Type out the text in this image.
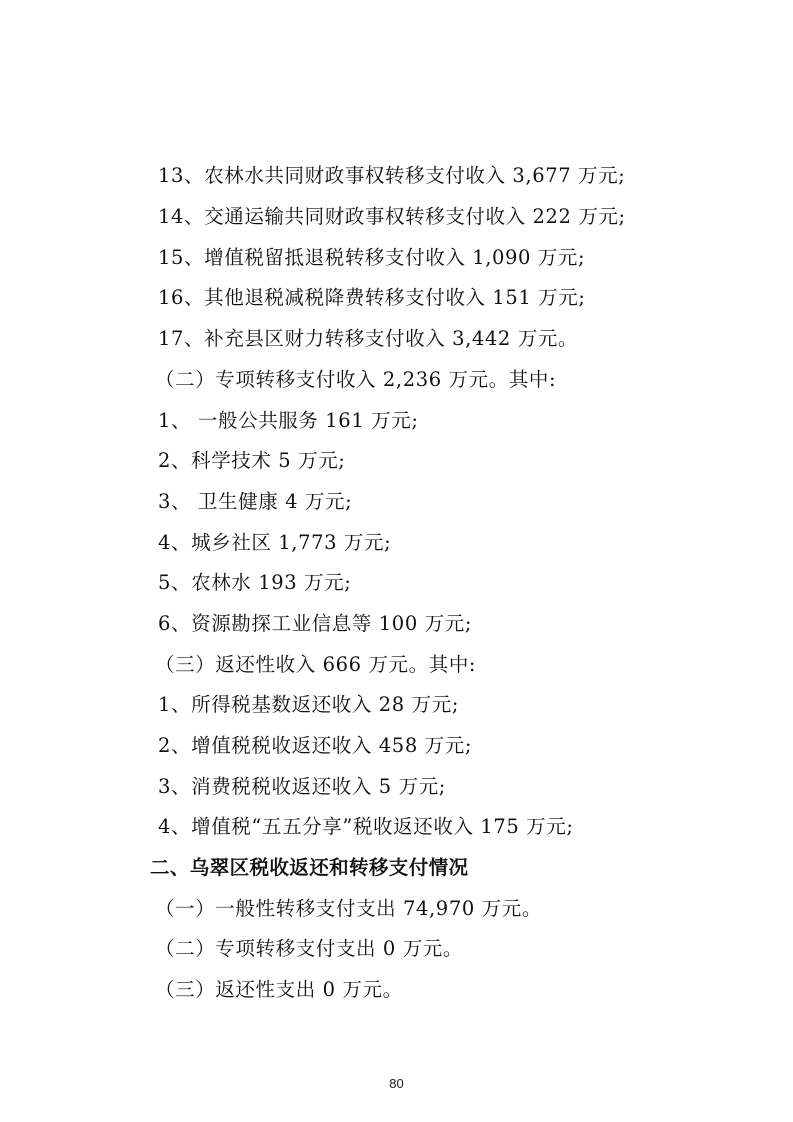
13、农林水共同财政事权转移支付收入 3,677 万元;
14、交通运输共同财政事权转移支付收入 222 万元;
15、增值税留抵退税转移支付收入 1,090 万元;
16、其他退税减税降费转移支付收入 151 万元;
17、补充县区财力转移支付收入 3,442 万元。
（二）专项转移支付收入 2,236 万元。其中:
1、 一般公共服务 161 万元;
2、科学技术 5 万元;
3、 卫生健康 4 万元;
4、城乡社区 1,773 万元;
5、农林水 193 万元;
6、资源勘探工业信息等 100 万元;
（三）返还性收入 666 万元。其中:
1、所得税基数返还收入 28 万元;
2、增值税税收返还收入 458 万元;
3、消费税税收返还收入 5 万元;
4、增值税“五五分享”税收返还收入 175 万元;
二、乌翠区税收返还和转移支付情况
（一）一般性转移支付支出 74,970 万元。
（二）专项转移支付支出 0 万元。
（三）返还性支出 0 万元。
80
